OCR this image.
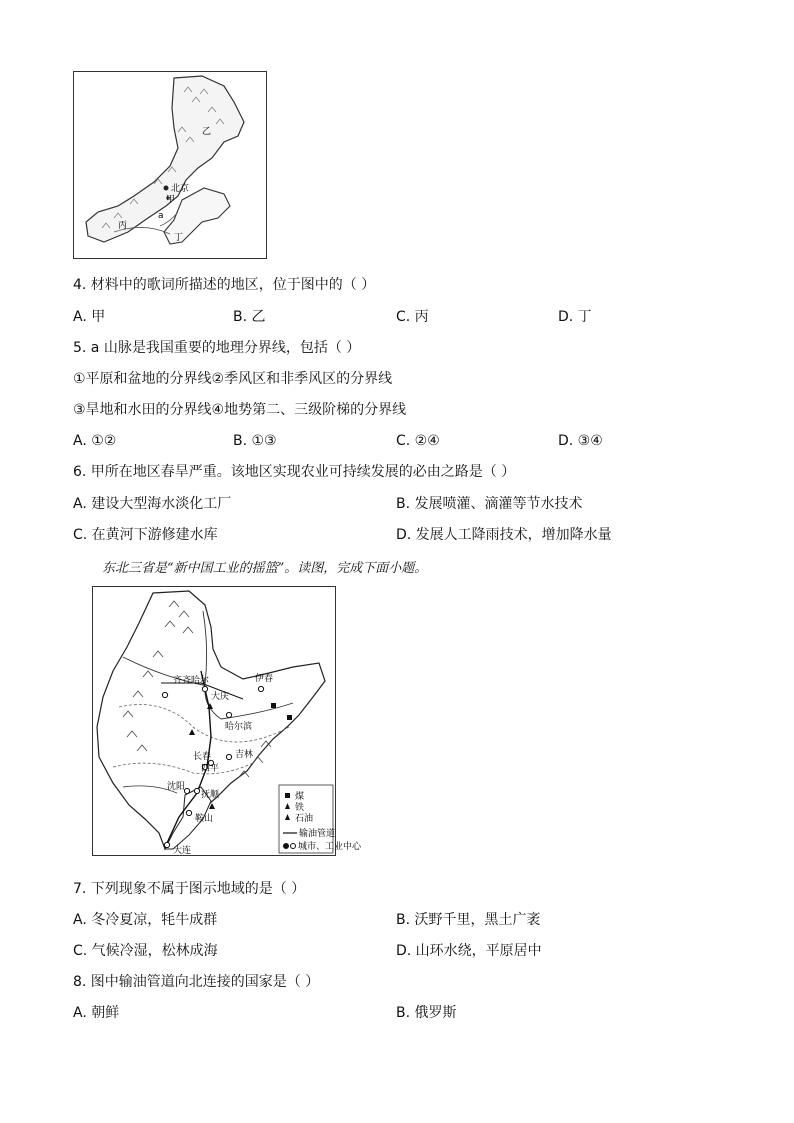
北京
甲
乙
丙
丁
a
4. 材料中的歌词所描述的地区，位于图中的（ ）
A. 甲	B. 乙	C. 丙	D. 丁
5. a 山脉是我国重要的地理分界线，包括（ ）
①平原和盆地的分界线②季风区和非季风区的分界线
③旱地和水田的分界线④地势第二、三级阶梯的分界线
A. ①②	B. ①③	C. ②④	D. ③④
6. 甲所在地区春旱严重。该地区实现农业可持续发展的必由之路是（ ）
A. 建设大型海水淡化工厂	B. 发展喷灌、滴灌等节水技术
C. 在黄河下游修建水库	D. 发展人工降雨技术，增加降水量
东北三省是“新中国工业的摇篮”。读图，完成下面小题。
齐齐哈尔
大庆
伊春
哈尔滨
长春	吉林
四平
沈阳
抚顺
鞍山
大连
煤
铁
石油
输油管道
城市、工业中心
7. 下列现象不属于图示地域的是（ ）
A. 冬冷夏凉，牦牛成群	B. 沃野千里，黑土广袤
C. 气候冷湿，松林成海	D. 山环水绕，平原居中
8. 图中输油管道向北连接的国家是（ ）
A. 朝鲜	B. 俄罗斯
